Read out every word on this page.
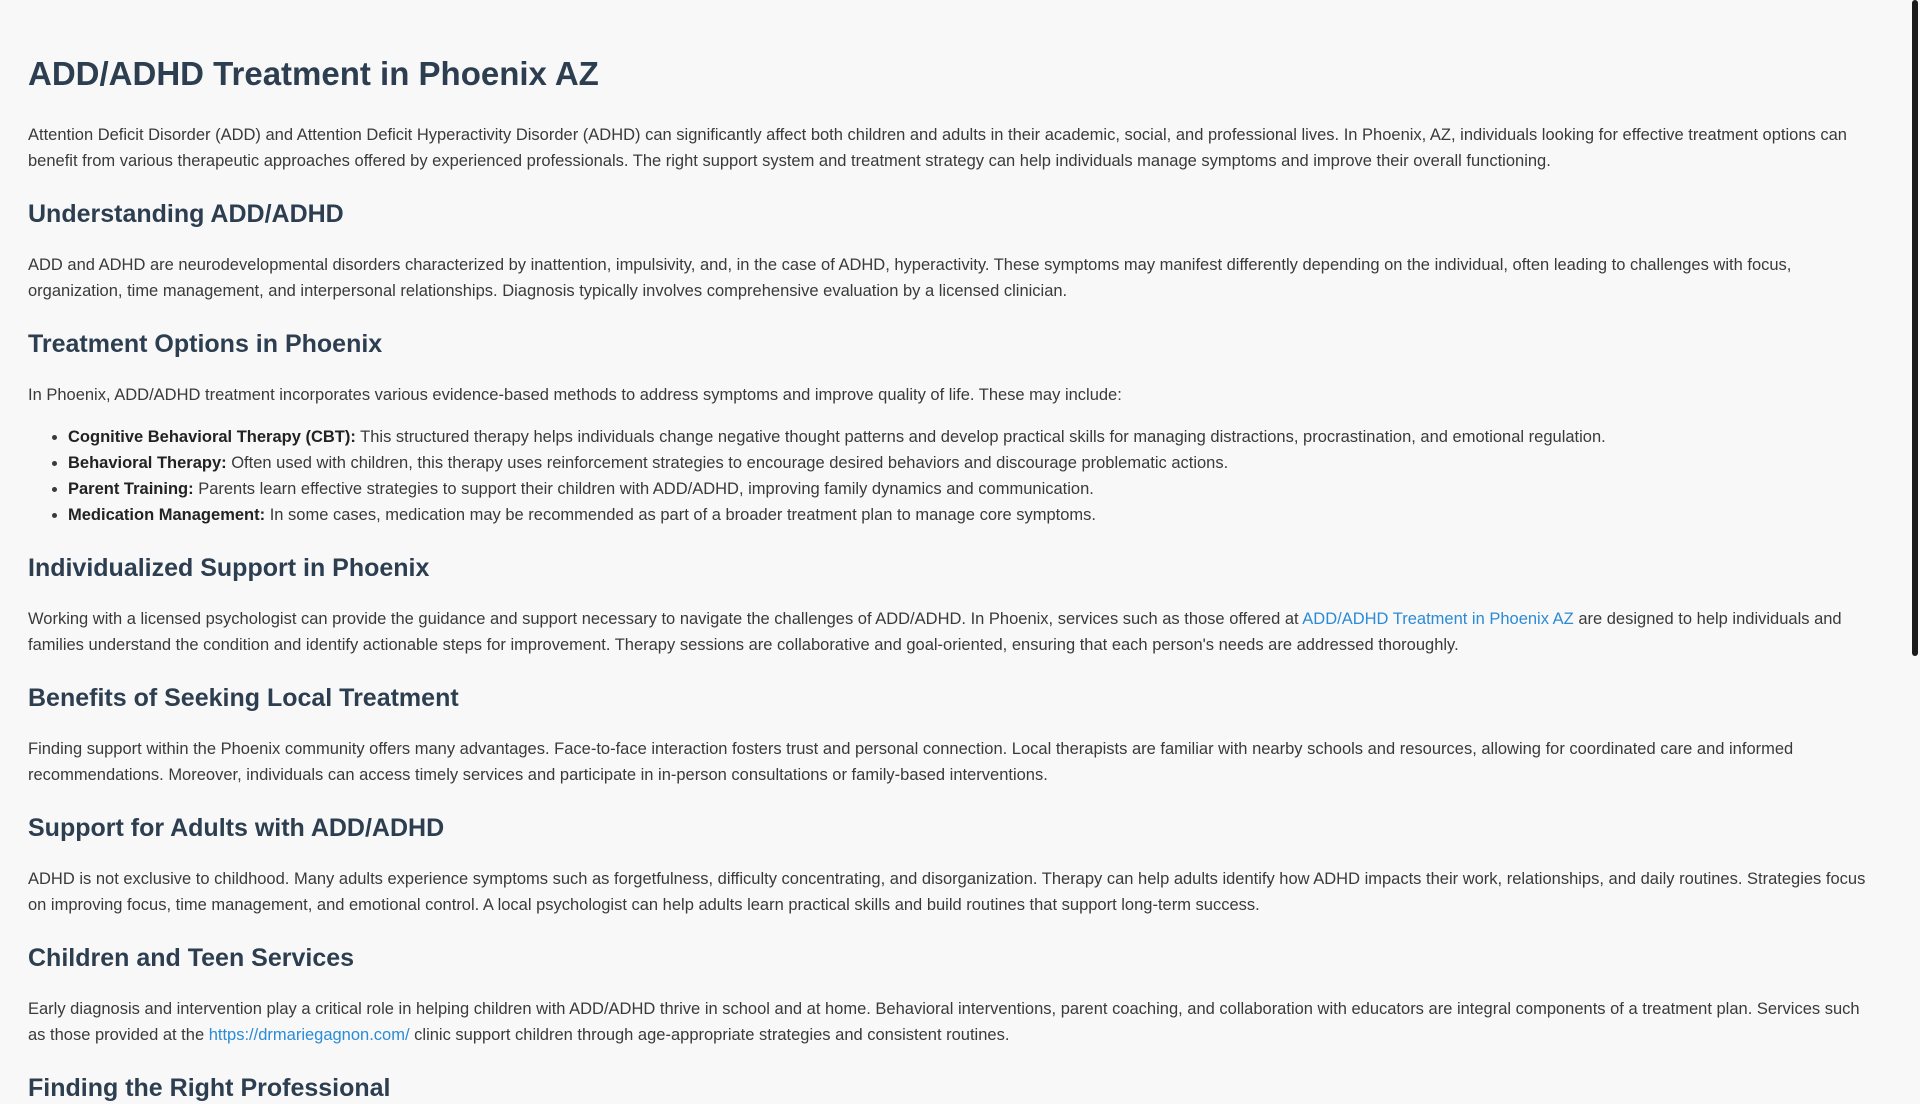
ADD/ADHD Treatment in Phoenix AZ

Attention Deficit Disorder (ADD) and Attention Deficit Hyperactivity Disorder (ADHD) can significantly affect both children and adults in their academic, social, and professional lives. In Phoenix, AZ, individuals looking for effective treatment options can benefit from various therapeutic approaches offered by experienced professionals. The right support system and treatment strategy can help individuals manage symptoms and improve their overall functioning.

Understanding ADD/ADHD

ADD and ADHD are neurodevelopmental disorders characterized by inattention, impulsivity, and, in the case of ADHD, hyperactivity. These symptoms may manifest differently depending on the individual, often leading to challenges with focus, organization, time management, and interpersonal relationships. Diagnosis typically involves comprehensive evaluation by a licensed clinician.

Treatment Options in Phoenix

In Phoenix, ADD/ADHD treatment incorporates various evidence-based methods to address symptoms and improve quality of life. These may include:

• Cognitive Behavioral Therapy (CBT): This structured therapy helps individuals change negative thought patterns and develop practical skills for managing distractions, procrastination, and emotional regulation.
• Behavioral Therapy: Often used with children, this therapy uses reinforcement strategies to encourage desired behaviors and discourage problematic actions.
• Parent Training: Parents learn effective strategies to support their children with ADD/ADHD, improving family dynamics and communication.
• Medication Management: In some cases, medication may be recommended as part of a broader treatment plan to manage core symptoms.
Individualized Support in Phoenix

Working with a licensed psychologist can provide the guidance and support necessary to navigate the challenges of ADD/ADHD. In Phoenix, services such as those offered at ADD/ADHD Treatment in Phoenix AZ are designed to help individuals and families understand the condition and identify actionable steps for improvement. Therapy sessions are collaborative and goal-oriented, ensuring that each person's needs are addressed thoroughly.

Benefits of Seeking Local Treatment

Finding support within the Phoenix community offers many advantages. Face-to-face interaction fosters trust and personal connection. Local therapists are familiar with nearby schools and resources, allowing for coordinated care and informed recommendations. Moreover, individuals can access timely services and participate in in-person consultations or family-based interventions.

Support for Adults with ADD/ADHD

ADHD is not exclusive to childhood. Many adults experience symptoms such as forgetfulness, difficulty concentrating, and disorganization. Therapy can help adults identify how ADHD impacts their work, relationships, and daily routines. Strategies focus on improving focus, time management, and emotional control. A local psychologist can help adults learn practical skills and build routines that support long-term success.

Children and Teen Services

Early diagnosis and intervention play a critical role in helping children with ADD/ADHD thrive in school and at home. Behavioral interventions, parent coaching, and collaboration with educators are integral components of a treatment plan. Services such as those provided at the https://drmariegagnon.com/ clinic support children through age-appropriate strategies and consistent routines.

Finding the Right Professional
